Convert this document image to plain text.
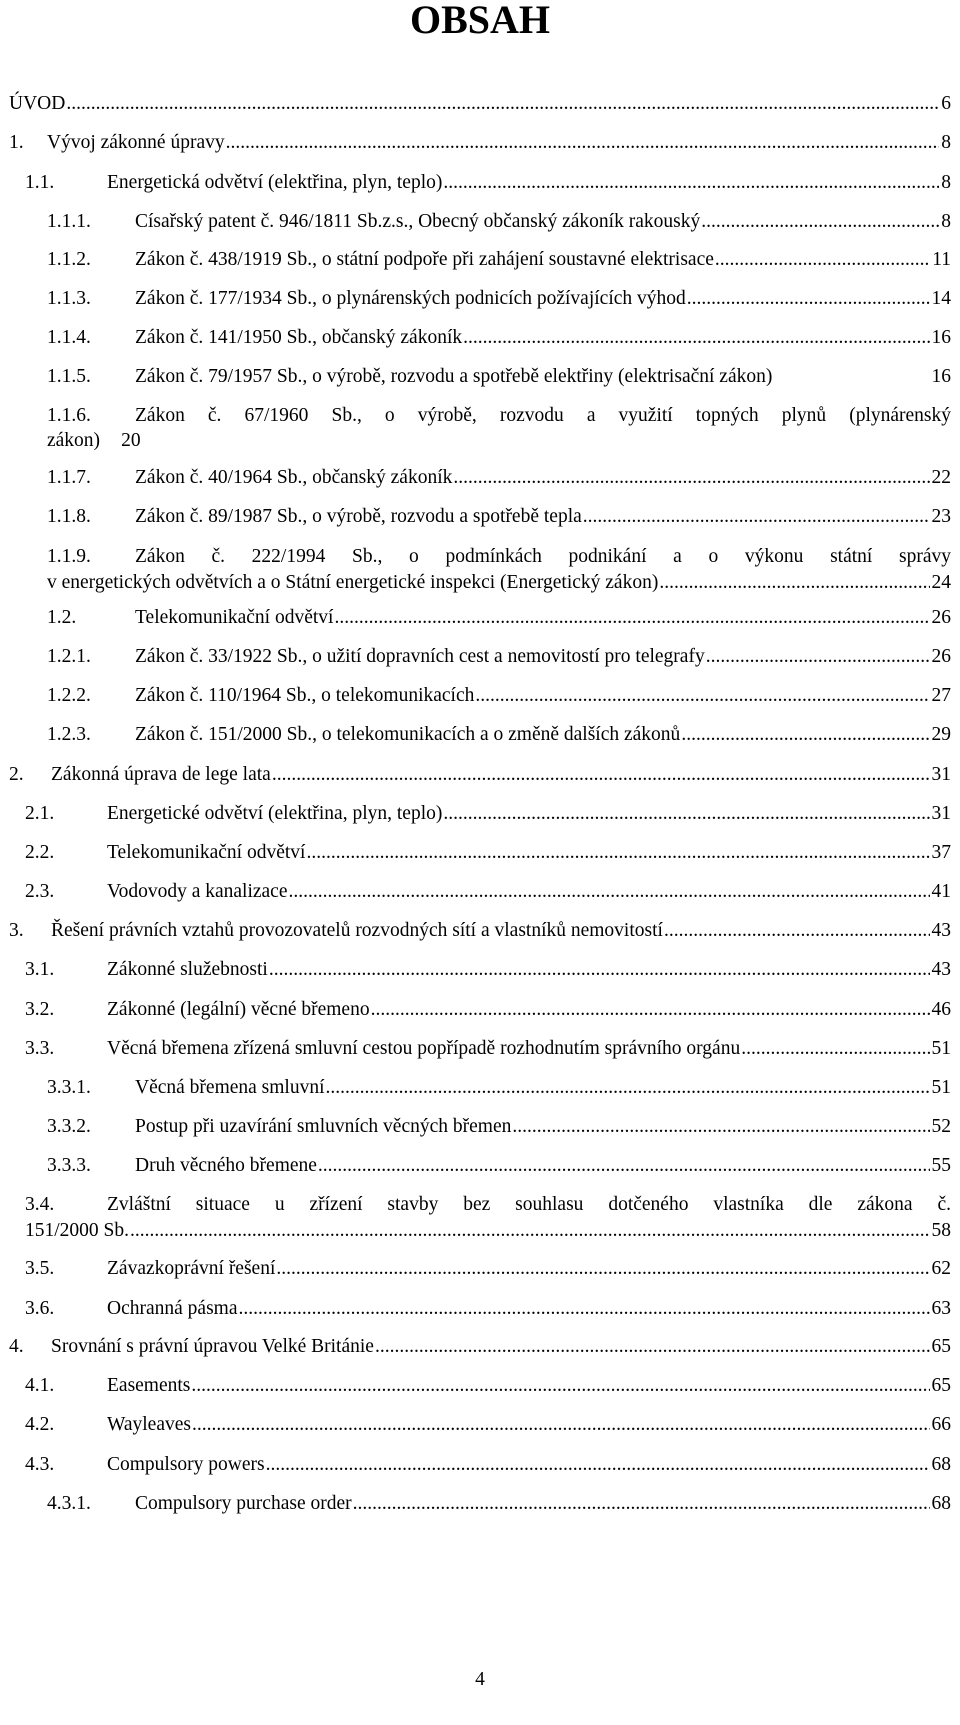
OBSAH
ÚVOD .....	6
1.	Vývoj zákonné úpravy .....	8
1.1.	Energetická odvětví (elektřina, plyn, teplo) .....	8
1.1.1.	Císařský patent č. 946/1811 Sb.z.s., Obecný občanský zákoník rakouský .....	8
1.1.2.	Zákon č. 438/1919 Sb., o státní podpoře při zahájení soustavné elektrisace .....	11
1.1.3.	Zákon č. 177/1934 Sb., o plynárenských podnicích požívajících výhod .....	14
1.1.4.	Zákon č. 141/1950 Sb., občanský zákoník .....	16
1.1.5.	Zákon č. 79/1957 Sb., o výrobě, rozvodu a spotřebě elektřiny (elektrisační zákon)	16
1.1.6. Zákon č. 67/1960 Sb., o výrobě, rozvodu a využití topných plynů (plynárenský
zákon) 20
1.1.7.	Zákon č. 40/1964 Sb., občanský zákoník .....	22
1.1.8.	Zákon č. 89/1987 Sb., o výrobě, rozvodu a spotřebě tepla .....	23
1.1.9. Zákon č. 222/1994 Sb., o podmínkách podnikání a o výkonu státní správy
v energetických odvětvích a o Státní energetické inspekci (Energetický zákon) .....	24
1.2.	Telekomunikační odvětví .....	26
1.2.1.	Zákon č. 33/1922 Sb., o užití dopravních cest a nemovitostí pro telegrafy .....	26
1.2.2.	Zákon č. 110/1964 Sb., o telekomunikacích .....	27
1.2.3.	Zákon č. 151/2000 Sb., o telekomunikacích a o změně dalších zákonů .....	29
2.	Zákonná úprava de lege lata .....	31
2.1.	Energetické odvětví (elektřina, plyn, teplo) .....	31
2.2.	Telekomunikační odvětví .....	37
2.3.	Vodovody a kanalizace .....	41
3.	Řešení právních vztahů provozovatelů rozvodných sítí a vlastníků nemovitostí .....	43
3.1.	Zákonné služebnosti .....	43
3.2.	Zákonné (legální) věcné břemeno .....	46
3.3.	Věcná břemena zřízená smluvní cestou popřípadě rozhodnutím správního orgánu .....	51
3.3.1.	Věcná břemena smluvní .....	51
3.3.2.	Postup při uzavírání smluvních věcných břemen .....	52
3.3.3.	Druh věcného břemene .....	55
3.4.	Zvláštní situace u zřízení stavby bez souhlasu dotčeného vlastníka dle zákona č.
151/2000 Sb. .....	58
3.5.	Závazkoprávní řešení .....	62
3.6.	Ochranná pásma .....	63
4.	Srovnání s právní úpravou Velké Británie .....	65
4.1.	Easements .....	65
4.2.	Wayleaves .....	66
4.3.	Compulsory powers .....	68
4.3.1.	Compulsory purchase order .....	68
4
